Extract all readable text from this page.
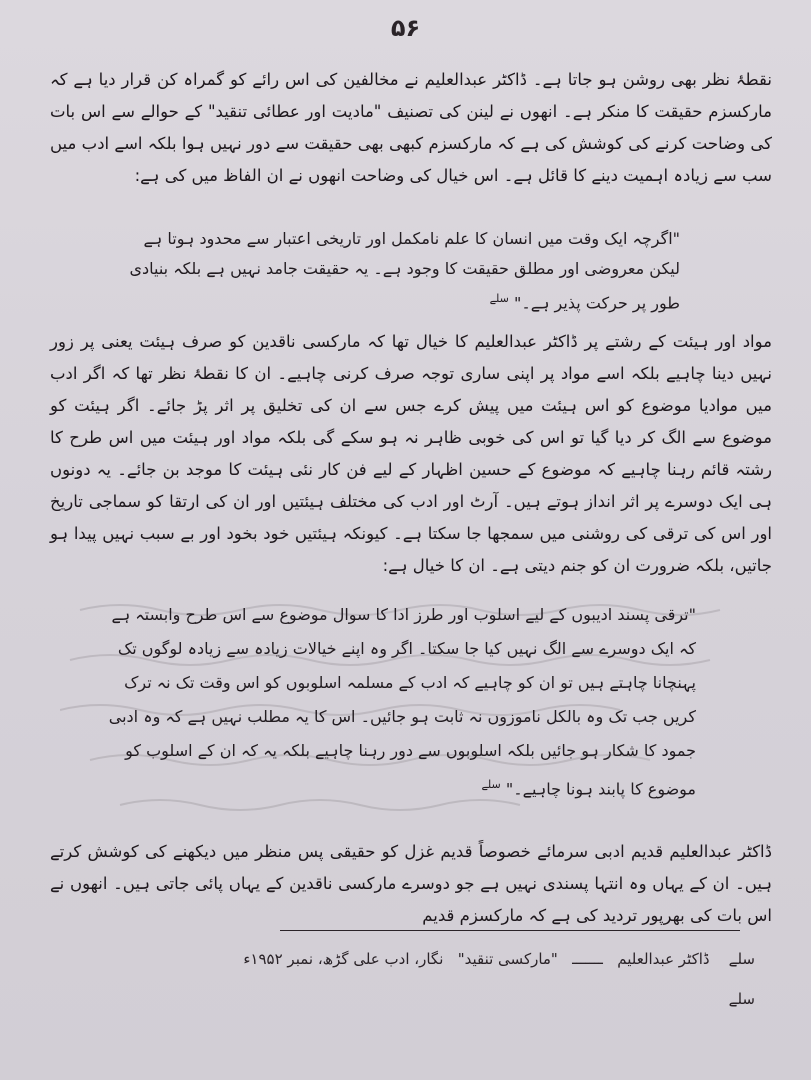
۵۶
نقطۂ نظر بھی روشن ہو جاتا ہے۔ ڈاکٹر عبدالعلیم نے مخالفین کی اس رائے کو گمراہ کن قرار دیا ہے کہ مارکسزم حقیقت کا منکر ہے۔ انھوں نے لینن کی تصنیف "مادیت اور عطائی تنقید" کے حوالے سے اس بات کی وضاحت کرنے کی کوشش کی ہے کہ مارکسزم کبھی بھی حقیقت سے دور نہیں ہوا بلکہ اسے ادب میں سب سے زیادہ اہمیت دینے کا قائل ہے۔ اس خیال کی وضاحت انھوں نے ان الفاظ میں کی ہے:
"اگرچہ ایک وقت میں انسان کا علم نامکمل اور تاریخی اعتبار سے محدود ہوتا ہے لیکن معروضی اور مطلق حقیقت کا وجود ہے۔ یہ حقیقت جامد نہیں ہے بلکہ بنیادی طور پر حرکت پذیر ہے۔" $^{سلے}$
مواد اور ہیئت کے رشتے پر ڈاکٹر عبدالعلیم کا خیال تھا کہ مارکسی ناقدین کو صرف ہیئت یعنی پر زور نہیں دینا چاہیے بلکہ اسے مواد پر اپنی ساری توجہ صرف کرنی چاہیے۔ ان کا نقطۂ نظر تھا کہ اگر ادب میں موادیا موضوع کو اس ہیئت میں پیش کرے جس سے ان کی تخلیق پر اثر پڑ جائے۔ اگر ہیئت کو موضوع سے الگ کر دیا گیا تو اس کی خوبی ظاہر نہ ہو سکے گی بلکہ مواد اور ہیئت میں اس طرح کا رشتہ قائم رہنا چاہیے کہ موضوع کے حسین اظہار کے لیے فن کار نئی ہیئت کا موجد بن جائے۔ یہ دونوں ہی ایک دوسرے پر اثر انداز ہوتے ہیں۔ آرٹ اور ادب کی مختلف ہیئتیں اور ان کی ارتقا کو سماجی تاریخ اور اس کی ترقی کی روشنی میں سمجھا جا سکتا ہے۔ کیونکہ ہیئتیں خود بخود اور بے سبب نہیں پیدا ہو جاتیں، بلکہ ضرورت ان کو جنم دیتی ہے۔ ان کا خیال ہے:
"ترقی پسند ادیبوں کے لیے اسلوب اور طرز ادا کا سوال موضوع سے اس طرح وابستہ ہے کہ ایک دوسرے سے الگ نہیں کیا جا سکتا۔ اگر وہ اپنے خیالات زیادہ سے زیادہ لوگوں تک پہنچانا چاہتے ہیں تو ان کو چاہیے کہ ادب کے مسلمہ اسلوبوں کو اس وقت تک نہ ترک کریں جب تک وہ بالکل ناموزوں نہ ثابت ہو جائیں۔ اس کا یہ مطلب نہیں ہے کہ وہ ادبی جمود کا شکار ہو جائیں بلکہ اسلوبوں سے دور رہنا چاہیے بلکہ یہ کہ ان کے اسلوب کو موضوع کا پابند ہونا چاہیے۔" $^{سلے}$
ڈاکٹر عبدالعلیم قدیم ادبی سرمائے خصوصاً قدیم غزل کو حقیقی پس منظر میں دیکھنے کی کوشش کرتے ہیں۔ ان کے یہاں وہ انتہا پسندی نہیں ہے جو دوسرے مارکسی ناقدین کے یہاں پائی جاتی ہیں۔ انھوں نے اس بات کی بھرپور تردید کی ہے کہ مارکسزم قدیم
سلے    ڈاکٹر عبدالعلیم   ـــــــ   "مارکسی تنقید"   نگار، ادب علی گڑھ، نمبر ۱۹۵۲ء
سلے
